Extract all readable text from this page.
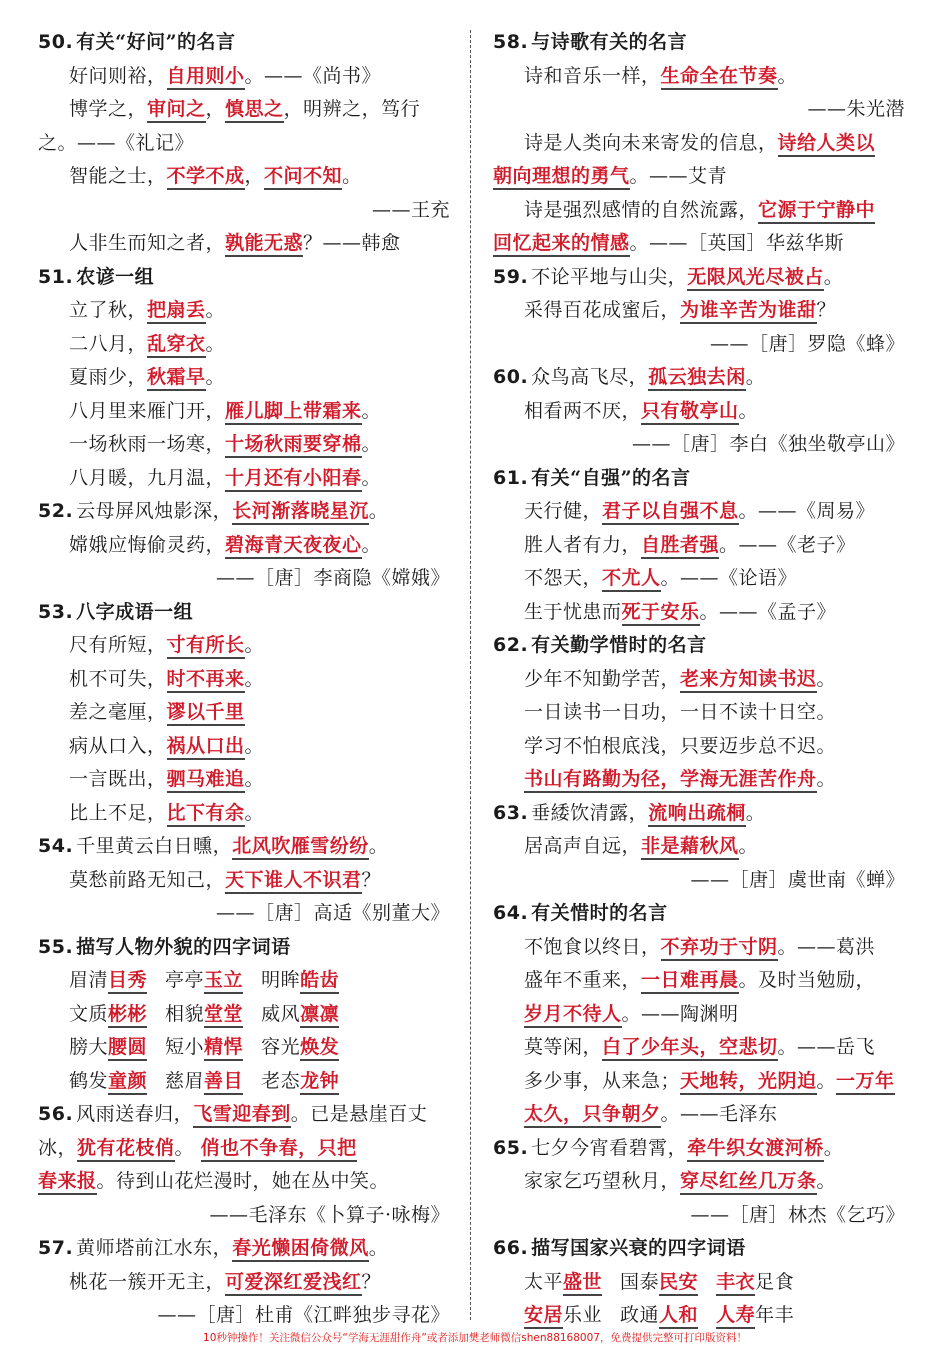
50. 有关“好问”的名言
好问则裕，自用则小。——《尚书》
博学之，审问之，慎思之，明辨之，笃行
之。——《礼记》
智能之士，不学不成，不问不知。
——王充
人非生而知之者，孰能无惑？——韩愈
51. 农谚一组
立了秋，把扇丢。
二八月，乱穿衣。
夏雨少，秋霜早。
八月里来雁门开，雁儿脚上带霜来。
一场秋雨一场寒，十场秋雨要穿棉。
八月暖，九月温，十月还有小阳春。
52. 云母屏风烛影深，长河渐落晓星沉。
嫦娥应悔偷灵药，碧海青天夜夜心。
——［唐］李商隐《嫦娥》
53. 八字成语一组
尺有所短，寸有所长。
机不可失，时不再来。
差之毫厘，谬以千里
病从口入，祸从口出。
一言既出，驷马难追。
比上不足，比下有余。
54. 千里黄云白日曛，北风吹雁雪纷纷。
莫愁前路无知己，天下谁人不识君？
——［唐］高适《别董大》
55. 描写人物外貌的四字词语
眉清目秀 亭亭玉立 明眸皓齿
文质彬彬 相貌堂堂 威风凛凛
膀大腰圆 短小精悍 容光焕发
鹤发童颜 慈眉善目 老态龙钟
56. 风雨送春归，飞雪迎春到。已是悬崖百丈
冰，犹有花枝俏。 俏也不争春，只把
春来报。待到山花烂漫时，她在丛中笑。
——毛泽东《卜算子·咏梅》
57. 黄师塔前江水东，春光懒困倚微风。
桃花一簇开无主，可爱深红爱浅红？
——［唐］杜甫《江畔独步寻花》
58. 与诗歌有关的名言
诗和音乐一样，生命全在节奏。
——朱光潜
诗是人类向未来寄发的信息，诗给人类以
朝向理想的勇气。——艾青
诗是强烈感情的自然流露，它源于宁静中
回忆起来的情感。——［英国］华兹华斯
59. 不论平地与山尖，无限风光尽被占。
采得百花成蜜后，为谁辛苦为谁甜？
——［唐］罗隐《蜂》
60. 众鸟高飞尽，孤云独去闲。
相看两不厌，只有敬亭山。
——［唐］李白《独坐敬亭山》
61. 有关“自强”的名言
天行健，君子以自强不息。——《周易》
胜人者有力，自胜者强。——《老子》
不怨天，不尤人。——《论语》
生于忧患而死于安乐。——《孟子》
62. 有关勤学惜时的名言
少年不知勤学苦，老来方知读书迟。
一日读书一日功，一日不读十日空。
学习不怕根底浅，只要迈步总不迟。
书山有路勤为径，学海无涯苦作舟。
63. 垂緌饮清露，流响出疏桐。
居高声自远，非是藉秋风。
——［唐］虞世南《蝉》
64. 有关惜时的名言
不饱食以终日，不弃功于寸阴。——葛洪
盛年不重来，一日难再晨。及时当勉励，
岁月不待人。——陶渊明
莫等闲，白了少年头，空悲切。——岳飞
多少事，从来急；天地转，光阴迫。一万年
太久，只争朝夕。——毛泽东
65. 七夕今宵看碧霄，牵牛织女渡河桥。
家家乞巧望秋月，穿尽红丝几万条。
——［唐］林杰《乞巧》
66. 描写国家兴衰的四字词语
太平盛世 国泰民安 丰衣足食
安居乐业 政通人和 人寿年丰
10秒钟操作！关注微信公众号“学海无涯甜作舟”或者添加樊老师微信shen88168007，免费提供完整可打印版资料！
